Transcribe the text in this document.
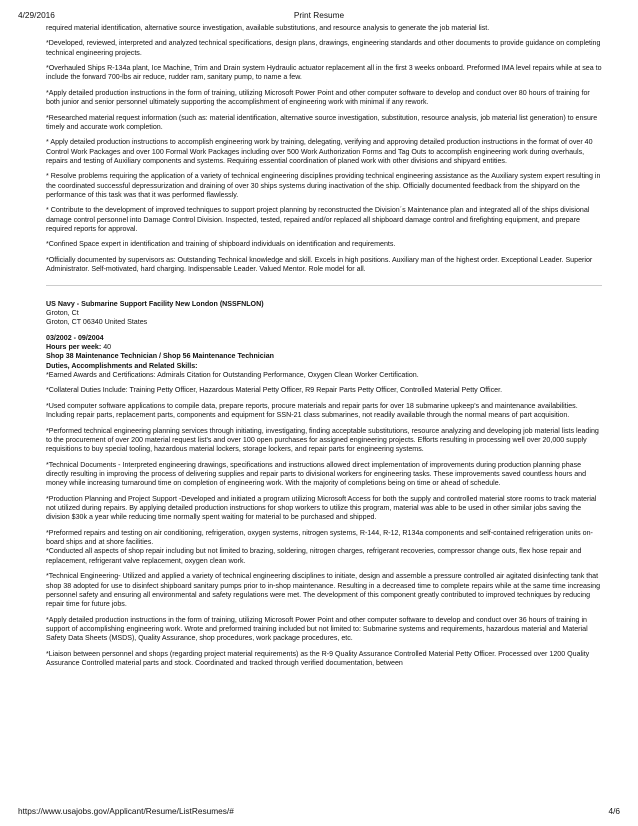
4/29/2016	Print Resume

required material identification, alternative source investigation, available substitutions, and resource analysis to generate the job material list.

*Developed, reviewed, interpreted and analyzed technical specifications, design plans, drawings, engineering standards and other documents to provide guidance on completing technical engineering projects.

*Overhauled Ships R-134a plant, Ice Machine, Trim and Drain system Hydraulic actuator replacement all in the first 3 weeks onboard. Preformed IMA level repairs while at sea to include the forward 700-lbs air reduce, rudder ram, sanitary pump, to name a few.

*Apply detailed production instructions in the form of training, utilizing Microsoft Power Point and other computer software to develop and conduct over 80 hours of training for both junior and senior personnel ultimately supporting the accomplishment of engineering work with minimal if any rework.

*Researched material request information (such as: material identification, alternative source investigation, substitution, resource analysis, job material list generation) to ensure timely and accurate work completion.

* Apply detailed production instructions to accomplish engineering work by training, delegating, verifying and approving detailed production instructions in the format of over 40 Control Work Packages and over 100 Formal Work Packages including over 500 Work Authorization Forms and Tag Outs to accomplish engineering work during overhauls, repairs and testing of Auxiliary components and systems. Requiring essential coordination of planed work with other divisions and shipyard entities.

* Resolve problems requiring the application of a variety of technical engineering disciplines providing technical engineering assistance as the Auxiliary system expert resulting in the coordinated successful depressurization and draining of over 30 ships systems during inactivation of the ship. Officially documented feedback from the shipyard on the performance of this task was that it was performed flawlessly.

* Contribute to the development of improved techniques to support project planning by reconstructed the Division´s Maintenance plan and integrated all of the ships divisional damage control personnel into Damage Control Division. Inspected, tested, repaired and/or replaced all shipboard damage control and firefighting equipment, and prepare required reports for approval.

*Confined Space expert in identification and training of shipboard individuals on identification and requirements.

*Officially documented by supervisors as: Outstanding Technical knowledge and skill. Excels in high positions. Auxiliary man of the highest order. Exceptional Leader. Superior Administrator. Self-motivated, hard charging. Indispensable Leader. Valued Mentor. Role model for all.

US Navy - Submarine Support Facility New London (NSSFNLON)
Groton, Ct
Groton, CT 06340 United States
03/2002 - 09/2004
Hours per week: 40
Shop 38 Maintenance Technician / Shop 56 Maintenance Technician
Duties, Accomplishments and Related Skills:

*Earned Awards and Certifications: Admirals Citation for Outstanding Performance, Oxygen Clean Worker Certification.

*Collateral Duties Include: Training Petty Officer, Hazardous Material Petty Officer, R9 Repair Parts Petty Officer, Controlled Material Petty Officer.

*Used computer software applications to compile data, prepare reports, procure materials and repair parts for over 18 submarine upkeep's and maintenance availabilities. Including repair parts, replacement parts, components and equipment for SSN-21 class submarines, not readily available through the normal means of part acquisition.

*Performed technical engineering planning services through initiating, investigating, finding acceptable substitutions, resource analyzing and developing job material lists leading to the procurement of over 200 material request list's and over 100 open purchases for assigned engineering projects. Efforts resulting in processing well over 20,000 supply requisitions to buy special tooling, hazardous material lockers, storage lockers, and repair parts for engineering systems.

*Technical Documents - Interpreted engineering drawings, specifications and instructions allowed direct implementation of improvements during production planning phase directly resulting in improving the process of delivering supplies and repair parts to divisional workers for engineering tasks. These improvements saved countless hours and money while increasing turnaround time on completion of engineering work. With the majority of completions being on time or ahead of schedule.

*Production Planning and Project Support -Developed and initiated a program utilizing Microsoft Access for both the supply and controlled material store rooms to track material not utilized during repairs. By applying detailed production instructions for shop workers to utilize this program, material was able to be used in other similar jobs saving the division $30k a year while reducing time normally spent waiting for material to be purchased and shipped.

*Preformed repairs and testing on air conditioning, refrigeration, oxygen systems, nitrogen systems, R-144, R-12, R134a components and self-contained refrigeration units on-board ships and at shore facilities.

*Conducted all aspects of shop repair including but not limited to brazing, soldering, nitrogen charges, refrigerant recoveries, compressor change outs, flex hose repair and replacement, refrigerant valve replacement, oxygen clean work.

*Technical Engineering- Utilized and applied a variety of technical engineering disciplines to initiate, design and assemble a pressure controlled air agitated disinfecting tank that shop 38 adopted for use to disinfect shipboard sanitary pumps prior to in-shop maintenance. Resulting in a decreased time to complete repairs while at the same time increasing personnel safety and ensuring all environmental and safety regulations were met. The development of this component greatly contributed to improved techniques by reducing repair time for future jobs.

*Apply detailed production instructions in the form of training, utilizing Microsoft Power Point and other computer software to develop and conduct over 36 hours of training in support of accomplishing engineering work. Wrote and preformed training included but not limited to: Submarine systems and requirements, hazardous material and Material Safety Data Sheets (MSDS), Quality Assurance, shop procedures, work package procedures, etc.

*Liaison between personnel and shops (regarding project material requirements) as the R-9 Quality Assurance Controlled Material Petty Officer. Processed over 1200 Quality Assurance Controlled material parts and stock. Coordinated and tracked through verified documentation, between

https://www.usajobs.gov/Applicant/Resume/ListResumes/#	4/6
